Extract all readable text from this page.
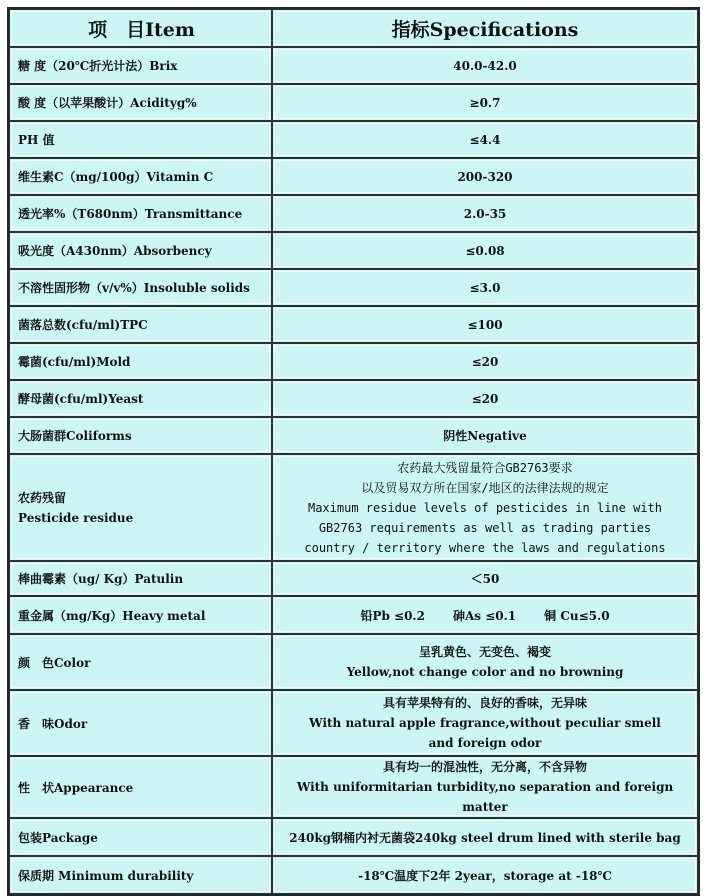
项　目Item	指标Specifications
糖 度（20℃折光计法）Brix	40.0-42.0
酸 度（以苹果酸计）Acidityg%	≥0.7
PH 值	≤4.4
维生素C（mg/100g）Vitamin C	200-320
透光率%（T680nm）Transmittance	2.0-35
吸光度（A430nm）Absorbency	≤0.08
不溶性固形物（v/v%）Insoluble solids	≤3.0
菌落总数(cfu/ml)TPC	≤100
霉菌(cfu/ml)Mold	≤20
酵母菌(cfu/ml)Yeast	≤20
大肠菌群Coliforms	阴性Negative

农药残留
Pesticide residue	农药最大残留量符合GB2763要求
以及贸易双方所在国家/地区的法律法规的规定
Maximum residue levels of pesticides in line with
GB2763 requirements as well as trading parties
country / territory where the laws and regulations

棒曲霉素（ug/ Kg）Patulin	＜50
重金属（mg/Kg）Heavy metal	铅Pb ≤0.2 砷As ≤0.1 铜 Cu≤5.0
颜　色Color	呈乳黄色、无变色、褐变
Yellow,not change color and no browning

香　味Odor	具有苹果特有的、良好的香味，无异味
With natural apple fragrance,without peculiar smell
and foreign odor

性　状Appearance	具有均一的混浊性，无分离，不含异物
With uniformitarian turbidity,no separation and foreign matter

包装Package	240kg钢桶内衬无菌袋240kg steel drum lined with sterile bag
保质期 Minimum durability	-18℃温度下2年 2year，storage at -18℃
